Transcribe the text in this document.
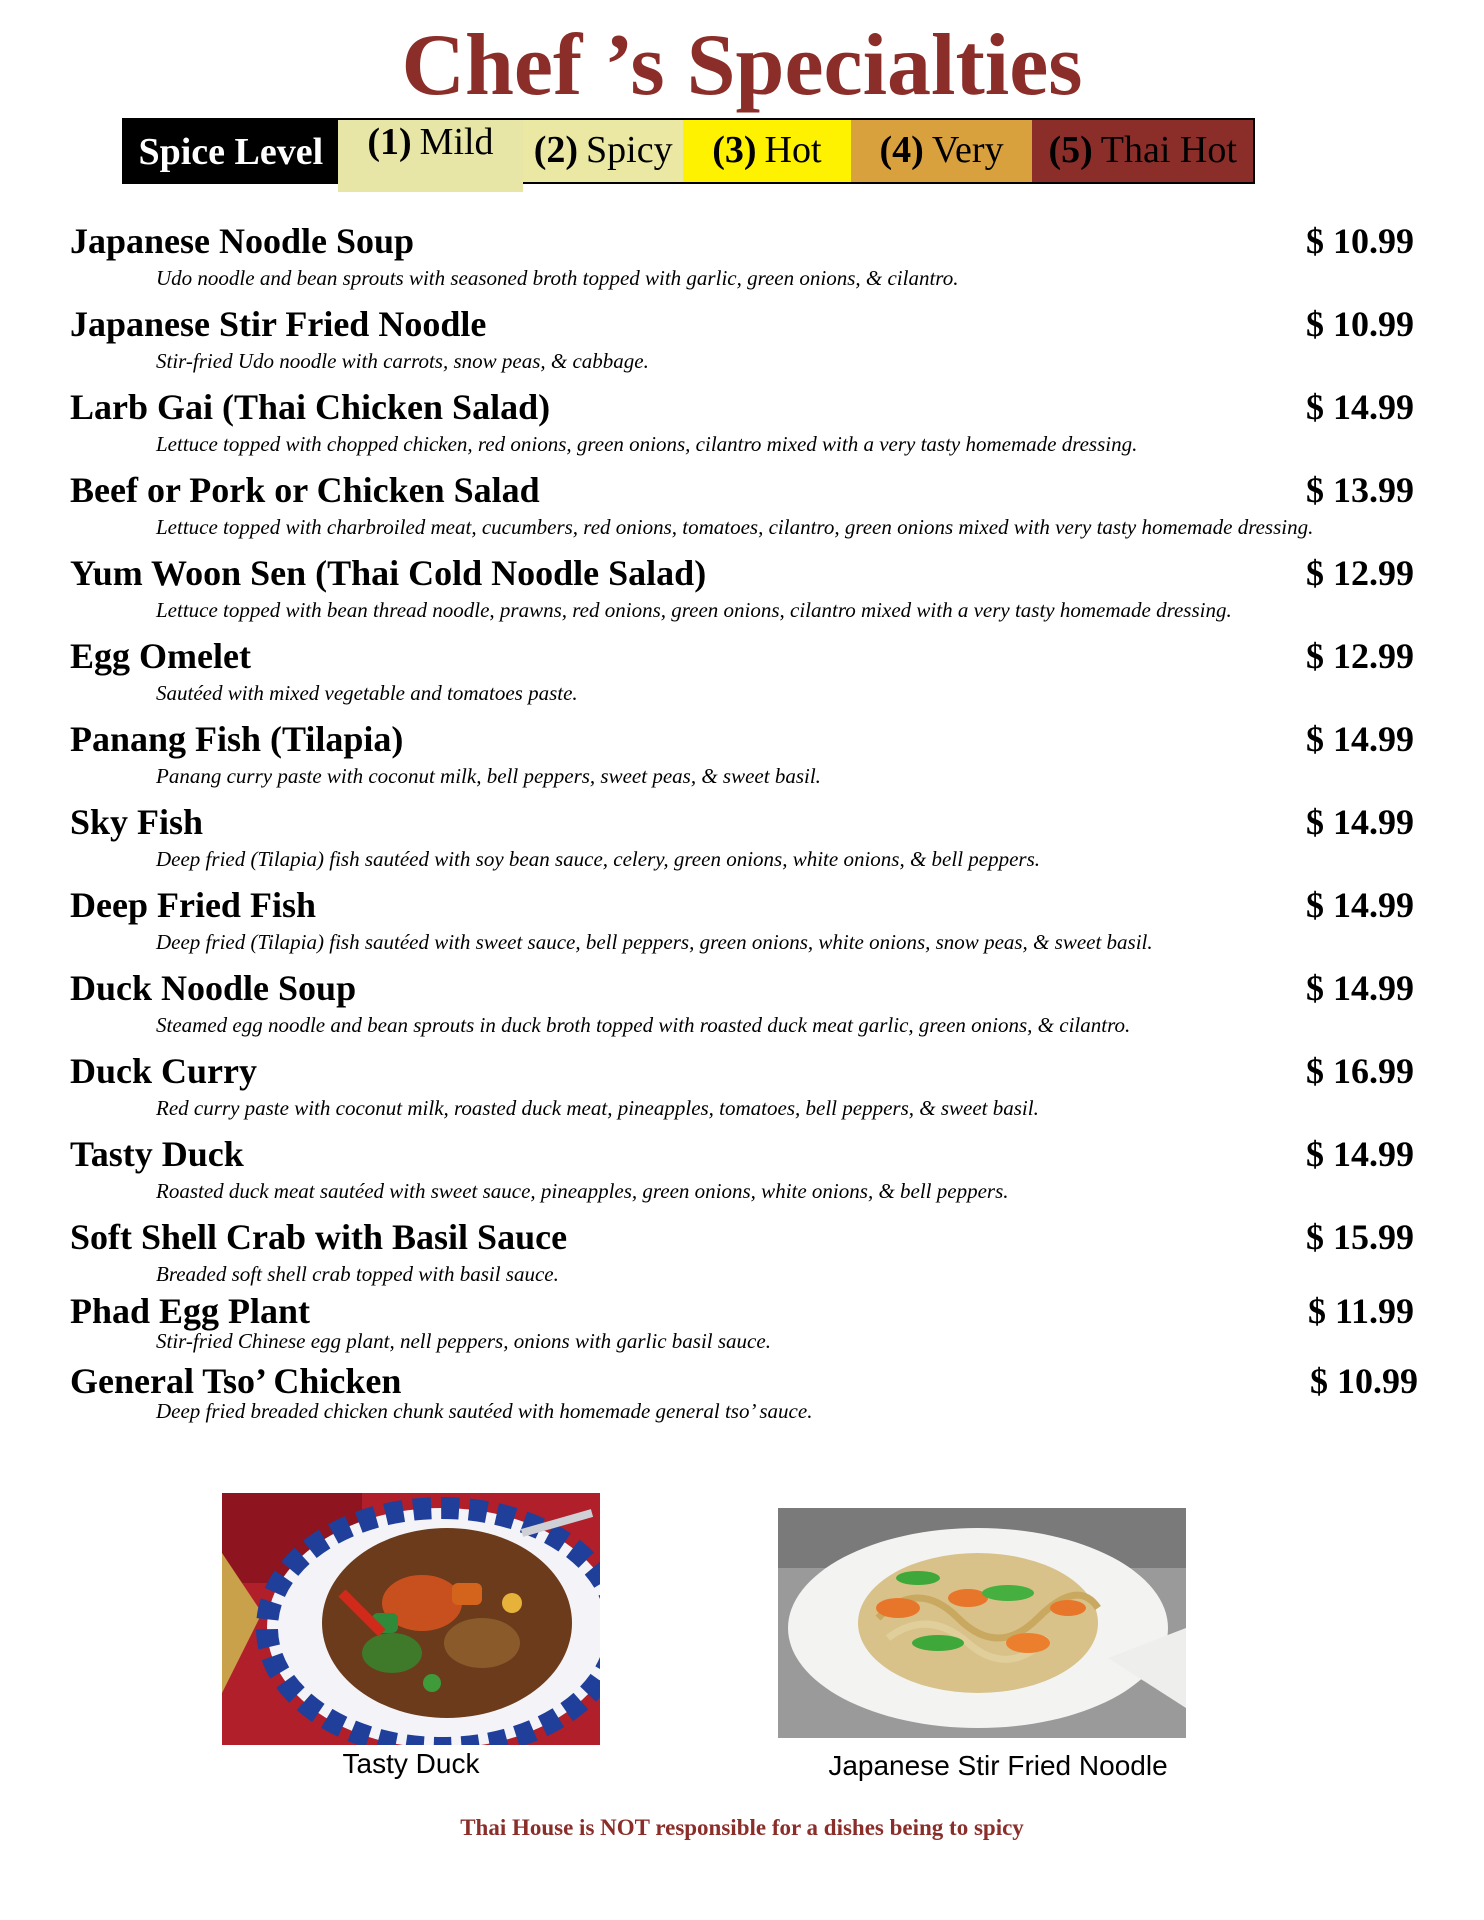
Chef ’s Specialties
Spice Level	(1) Mild (2) Spicy (3) Hot (4) Very (5) Thai Hot
Japanese Noodle Soup	$ 10.99
Udo noodle and bean sprouts with seasoned broth topped with garlic, green onions, & cilantro.
Japanese Stir Fried Noodle	$ 10.99
Stir-fried Udo noodle with carrots, snow peas, & cabbage.
Larb Gai (Thai Chicken Salad)	$ 14.99
Lettuce topped with chopped chicken, red onions, green onions, cilantro mixed with a very tasty homemade dressing.
Beef or Pork or Chicken Salad	$ 13.99
Lettuce topped with charbroiled meat, cucumbers, red onions, tomatoes, cilantro, green onions mixed with very tasty homemade dressing.
Yum Woon Sen (Thai Cold Noodle Salad)	$ 12.99
Lettuce topped with bean thread noodle, prawns, red onions, green onions, cilantro mixed with a very tasty homemade dressing.
Egg Omelet	$ 12.99
Sautéed with mixed vegetable and tomatoes paste.
Panang Fish (Tilapia)	$ 14.99
Panang curry paste with coconut milk, bell peppers, sweet peas, & sweet basil.
Sky Fish	$ 14.99
Deep fried (Tilapia) fish sautéed with soy bean sauce, celery, green onions, white onions, & bell peppers.
Deep Fried Fish	$ 14.99
Deep fried (Tilapia) fish sautéed with sweet sauce, bell peppers, green onions, white onions, snow peas, & sweet basil.
Duck Noodle Soup	$ 14.99
Steamed egg noodle and bean sprouts in duck broth topped with roasted duck meat garlic, green onions, & cilantro.
Duck Curry	$ 16.99
Red curry paste with coconut milk, roasted duck meat, pineapples, tomatoes, bell peppers, & sweet basil.
Tasty Duck	$ 14.99
Roasted duck meat sautéed with sweet sauce, pineapples, green onions, white onions, & bell peppers.
Soft Shell Crab with Basil Sauce	$ 15.99
Breaded soft shell crab topped with basil sauce.
Phad Egg Plant	$ 11.99
Stir-fried Chinese egg plant, nell peppers, onions with garlic basil sauce.
General Tso’ Chicken	$ 10.99
Deep fried breaded chicken chunk sautéed with homemade general tso’ sauce.
Tasty Duck	Japanese Stir Fried Noodle
Thai House is NOT responsible for a dishes being to spicy
